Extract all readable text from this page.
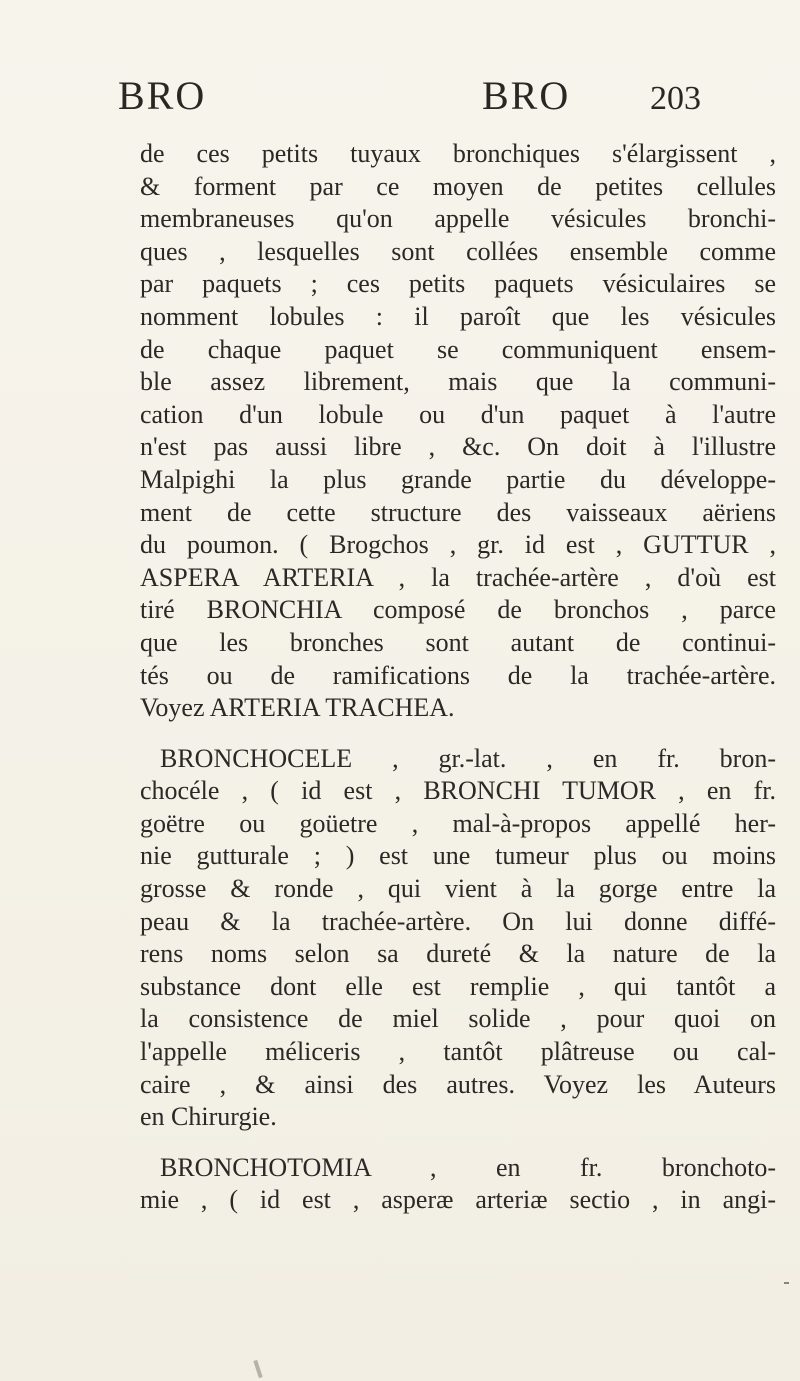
BRO	BRO 203
de ces petits tuyaux bronchiques s'élargissent ,
& forment par ce moyen de petites cellules
membraneuses qu'on appelle vésicules bronchi-
ques , lesquelles sont collées ensemble comme
par paquets ; ces petits paquets vésiculaires se
nomment lobules : il paroît que les vésicules
de chaque paquet se communiquent ensem-
ble assez librement, mais que la communi-
cation d'un lobule ou d'un paquet à l'autre
n'est pas aussi libre , &c. On doit à l'illustre
Malpighi la plus grande partie du développe-
ment de cette structure des vaisseaux aëriens
du poumon. ( Brogchos , gr. id est , GUTTUR ,
ASPERA ARTERIA , la trachée-artère , d'où est
tiré BRONCHIA composé de bronchos , parce
que les bronches sont autant de continui-
tés ou de ramifications de la trachée-artère.
Voyez ARTERIA TRACHEA.
BRONCHOCELE , gr.-lat. , en fr. bron-
chocéle , ( id est , BRONCHI TUMOR , en fr.
goëtre ou goüetre , mal-à-propos appellé her-
nie gutturale ; ) est une tumeur plus ou moins
grosse & ronde , qui vient à la gorge entre la
peau & la trachée-artère. On lui donne diffé-
rens noms selon sa dureté & la nature de la
substance dont elle est remplie , qui tantôt a
la consistence de miel solide , pour quoi on
l'appelle méliceris , tantôt plâtreuse ou cal-
caire , & ainsi des autres. Voyez les Auteurs
en Chirurgie.
BRONCHOTOMIA , en fr. bronchoto-
mie , ( id est , asperæ arteriæ sectio , in angi-
